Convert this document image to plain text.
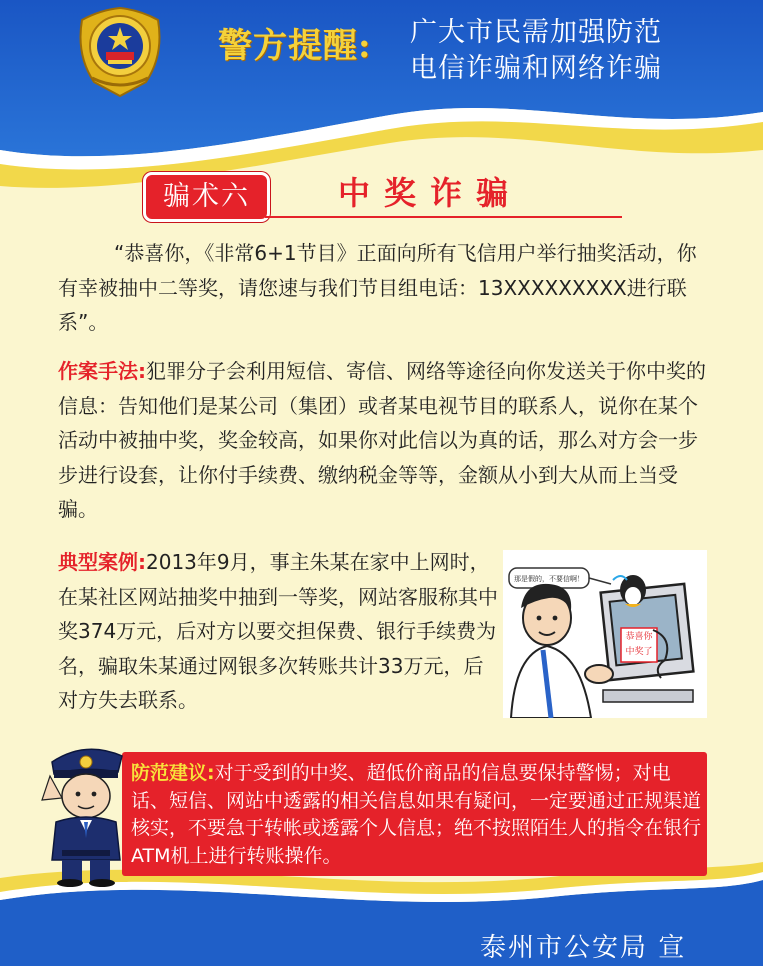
警方提醒: 广大市民需加强防范
电信诈骗和网络诈骗
骗术六	中奖诈骗

“恭喜你，《非常6+1节目》正面向所有飞信用户举行抽奖活动，你有幸被抽中二等奖，请您速与我们节目组电话：13XXXXXXXXX进行联系”。

作案手法:犯罪分子会利用短信、寄信、网络等途径向你发送关于你中奖的信息：告知他们是某公司（集团）或者某电视节目的联系人，说你在某个活动中被抽中奖，奖金较高，如果你对此信以为真的话，那么对方会一步步进行设套，让你付手续费、缴纳税金等等，金额从小到大从而上当受骗。

典型案例:2013年9月，事主朱某在家中上网时，在某社区网站抽奖中抽到一等奖，网站客服称其中奖374万元，后对方以要交担保费、银行手续费为名，骗取朱某通过网银多次转账共计33万元，后对方失去联系。

恭喜你
中奖了
那是假的，不要信啊！

防范建议:对于受到的中奖、超低价商品的信息要保持警惕；对电话、短信、网站中透露的相关信息如果有疑问，一定要通过正规渠道核实，不要急于转帐或透露个人信息；绝不按照陌生人的指令在银行ATM机上进行转账操作。

泰州市公安局 宣
